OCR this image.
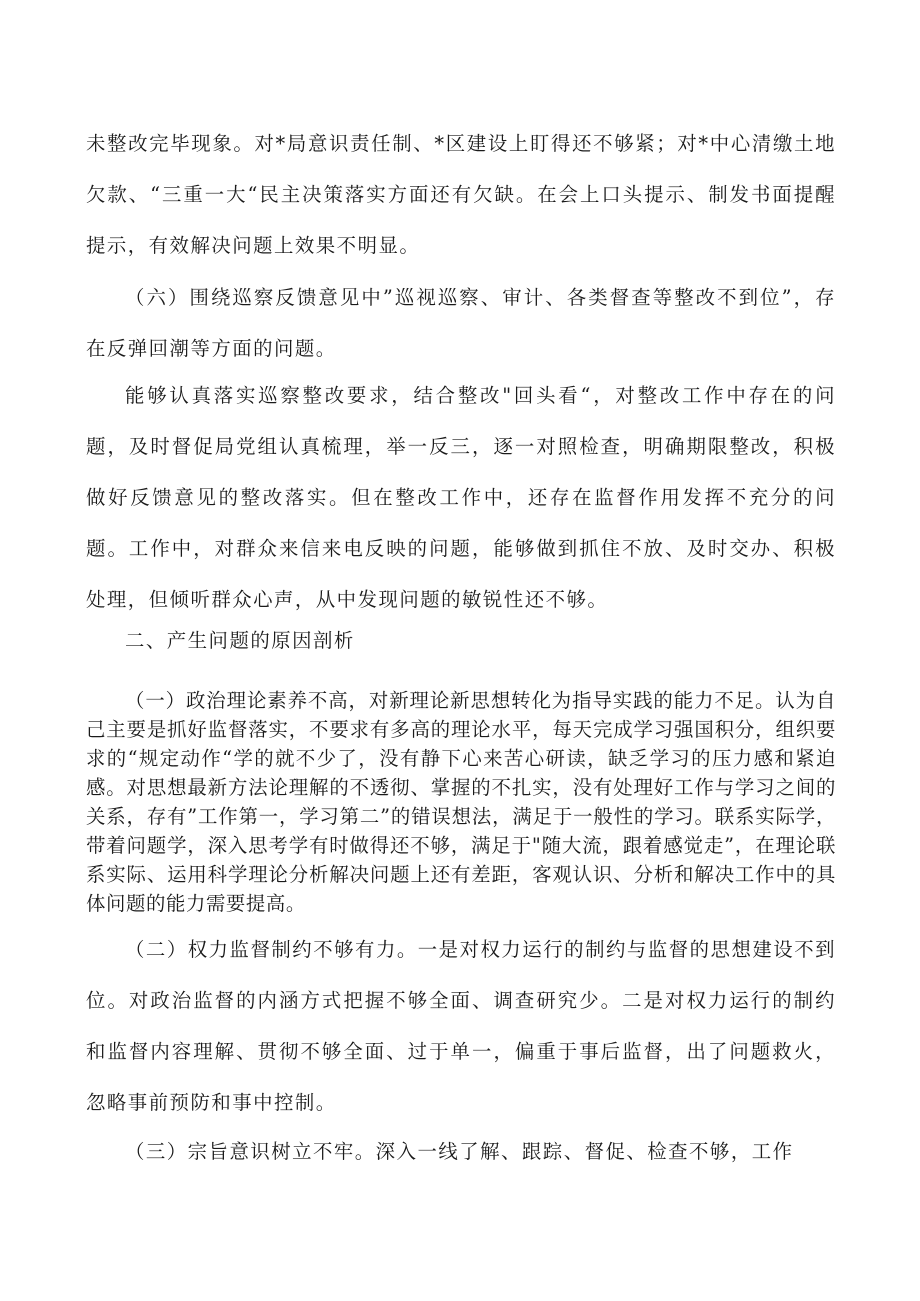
未整改完毕现象。对*局意识责任制、*区建设上盯得还不够紧；对*中心清缴土地欠款、“三重一大“民主决策落实方面还有欠缺。在会上口头提示、制发书面提醒提示，有效解决问题上效果不明显。

（六）围绕巡察反馈意见中”巡视巡察、审计、各类督查等整改不到位”，存在反弹回潮等方面的问题。

能够认真落实巡察整改要求，结合整改"回头看“，对整改工作中存在的问题，及时督促局党组认真梳理，举一反三，逐一对照检查，明确期限整改，积极做好反馈意见的整改落实。但在整改工作中，还存在监督作用发挥不充分的问题。工作中，对群众来信来电反映的问题，能够做到抓住不放、及时交办、积极处理，但倾听群众心声，从中发现问题的敏锐性还不够。

二、产生问题的原因剖析

（一）政治理论素养不高，对新理论新思想转化为指导实践的能力不足。认为自己主要是抓好监督落实，不要求有多高的理论水平，每天完成学习强国积分，组织要求的“规定动作“学的就不少了，没有静下心来苦心研读，缺乏学习的压力感和紧迫感。对思想最新方法论理解的不透彻、掌握的不扎实，没有处理好工作与学习之间的关系，存有”工作第一，学习第二”的错误想法，满足于一般性的学习。联系实际学，带着问题学，深入思考学有时做得还不够，满足于"随大流，跟着感觉走”，在理论联系实际、运用科学理论分析解决问题上还有差距，客观认识、分析和解决工作中的具体问题的能力需要提高。

（二）权力监督制约不够有力。一是对权力运行的制约与监督的思想建设不到位。对政治监督的内涵方式把握不够全面、调查研究少。二是对权力运行的制约和监督内容理解、贯彻不够全面、过于单一，偏重于事后监督，出了问题救火，忽略事前预防和事中控制。

（三）宗旨意识树立不牢。深入一线了解、跟踪、督促、检查不够，工作
